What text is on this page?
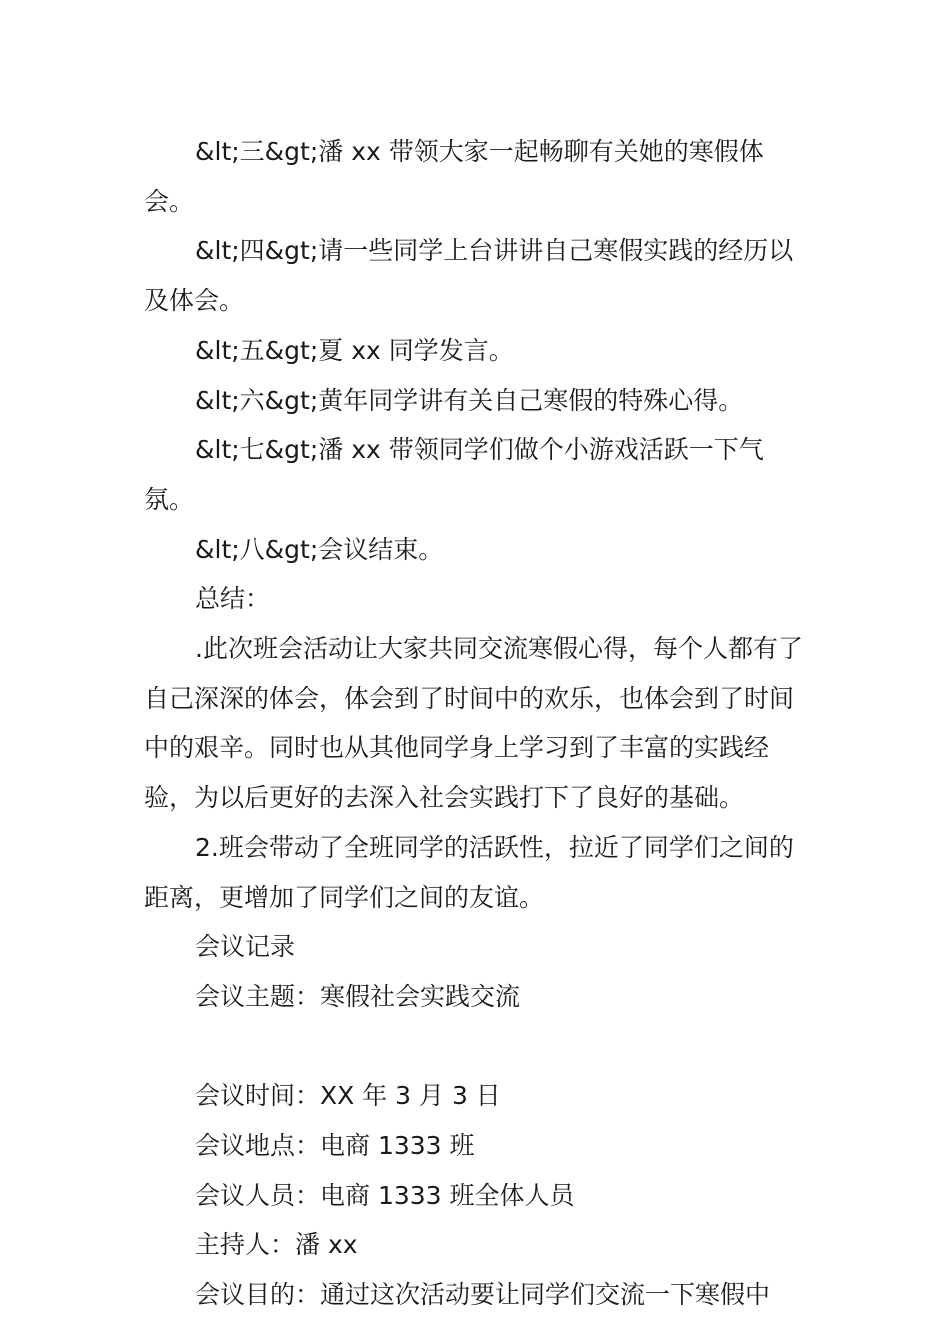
&lt;三&gt;潘 xx 带领大家一起畅聊有关她的寒假体会。

&lt;四&gt;请一些同学上台讲讲自己寒假实践的经历以及体会。

&lt;五&gt;夏 xx 同学发言。

&lt;六&gt;黄年同学讲有关自己寒假的特殊心得。

&lt;七&gt;潘 xx 带领同学们做个小游戏活跃一下气氛。

&lt;八&gt;会议结束。

总结：

.此次班会活动让大家共同交流寒假心得，每个人都有了自己深深的体会，体会到了时间中的欢乐，也体会到了时间中的艰辛。同时也从其他同学身上学习到了丰富的实践经验，为以后更好的去深入社会实践打下了良好的基础。

2.班会带动了全班同学的活跃性，拉近了同学们之间的距离，更增加了同学们之间的友谊。

会议记录

会议主题：寒假社会实践交流

会议时间：XX 年 3 月 3 日

会议地点：电商 1333 班

会议人员：电商 1333 班全体人员

主持人：潘 xx

会议目的：通过这次活动要让同学们交流一下寒假中
